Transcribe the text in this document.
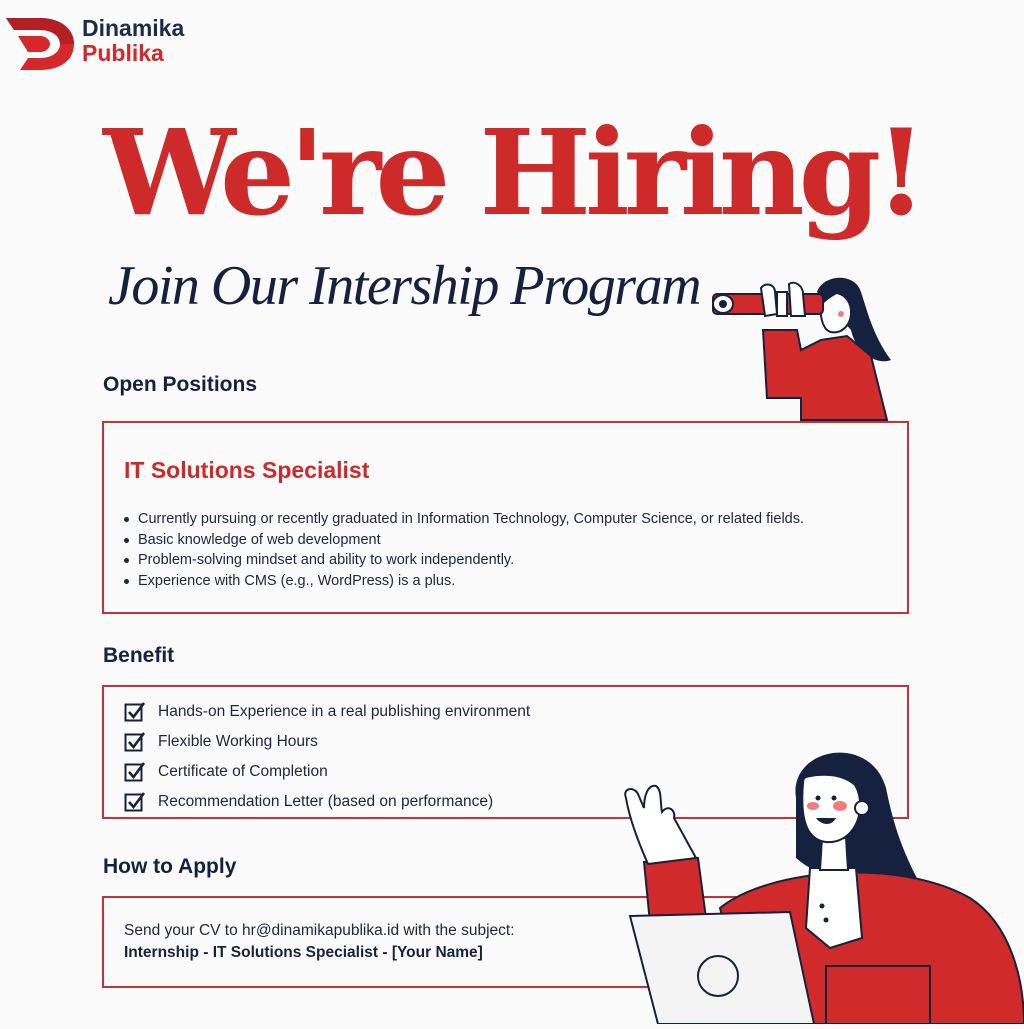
Dinamika
Publika
We're Hiring!
Join Our Intership Program
Open Positions
IT Solutions Specialist
Currently pursuing or recently graduated in Information Technology, Computer Science, or related fields.
Basic knowledge of web development
Problem-solving mindset and ability to work independently.
Experience with CMS (e.g., WordPress) is a plus.
Benefit
Hands-on Experience in a real publishing environment
Flexible Working Hours
Certificate of Completion
Recommendation Letter (based on performance)
How to Apply
Send your CV to hr@dinamikapublika.id with the subject:
Internship - IT Solutions Specialist - [Your Name]
